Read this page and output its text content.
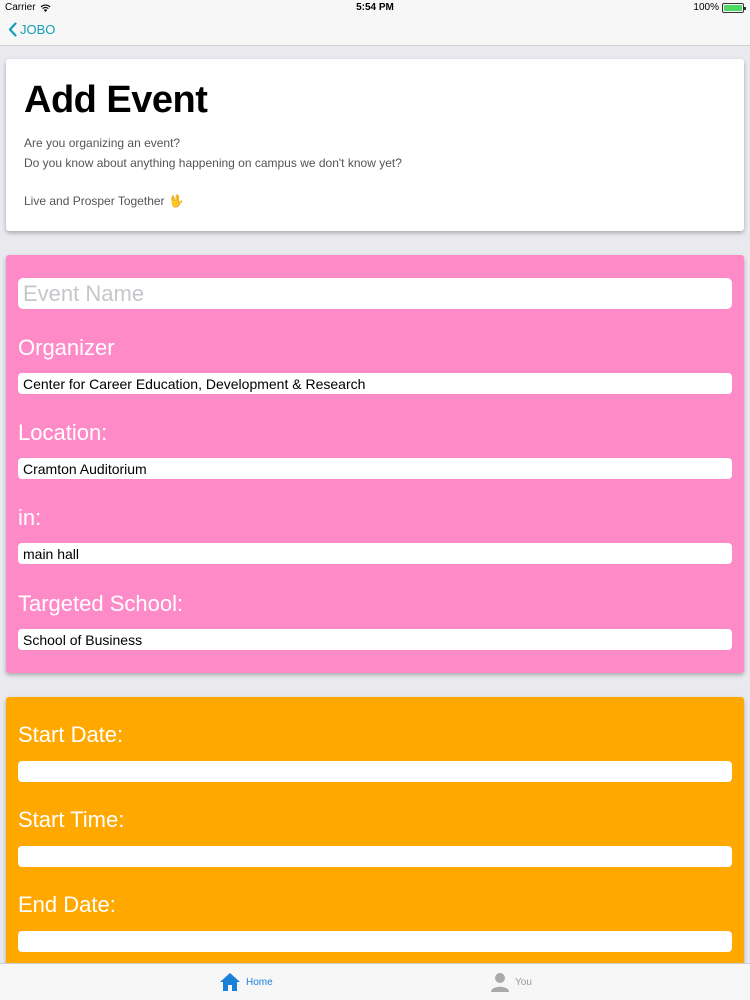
Carrier	5:54 PM	100%
JOBO
Add Event

Are you organizing an event?

Do you know about anything happening on campus we don't know yet?

Live and Prosper Together 🖖

Event Name
Organizer
Center for Career Education, Development & Research
Location:
Cramton Auditorium
in:
main hall
Targeted School:
School of Business
Start Date:
Start Time:
End Date:
Home	You
